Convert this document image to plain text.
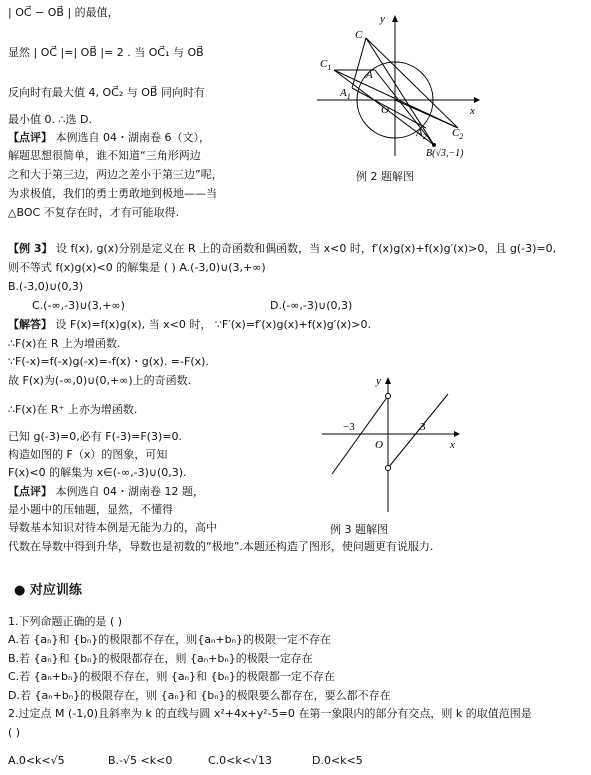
| OC⃗ − OB⃗ | 的最值，
显然 | OC⃗ |=| OB⃗ |= 2 . 当 OC⃗₁ 与 OB⃗
反向时有最大值 4, OC⃗₂ 与 OB⃗ 同向时有
最小值 0. ∴选 D.
【点评】 本例选自 04・湖南卷 6（文），
解题思想很简单，谁不知道“三角形两边
之和大于第三边，两边之差小于第三边”呢，
为求极值，我们的勇士勇敢地到极地——当
△BOC 不复存在时，才有可能取得.
y
x
O
C
$C_1$
A
$A_1$
$A_2$ $C_2$
B(√3,−1)
例 2 题解图
【例 3】 设 f(x), g(x)分别是定义在 R 上的奇函数和偶函数，当 x<0 时，f′(x)g(x)+f(x)g′(x)>0，且 g(-3)=0,
则不等式 f(x)g(x)<0 的解集是 ( ) A.(-3,0)∪(3,+∞)
B.(-3,0)∪(0,3)
C.(-∞,-3)∪(3,+∞)	D.(-∞,-3)∪(0,3)
【解答】 设 F(x)=f(x)g(x), 当 x<0 时， ∵F′(x)=f′(x)g(x)+f(x)g′(x)>0.
∴F(x)在 R 上为增函数.
∵F(-x)=f(-x)g(-x)=-f(x)・g(x). =-F(x).
故 F(x)为(-∞,0)∪(0,+∞)上的奇函数.
∴F(x)在 R⁺ 上亦为增函数.
已知 g(-3)=0,必有 F(-3)=F(3)=0.
构造如图的 F（x）的图象，可知
F(x)<0 的解集为 x∈(-∞,-3)∪(0,3).
【点评】 本例选自 04・湖南卷 12 题，
是小题中的压轴题，显然，不懂得
导数基本知识对待本例是无能为力的，高中
代数在导数中得到升华，导数也是初数的“极地”.本题还构造了图形，使问题更有说服力.
y
x
O
−3	3
例 3 题解图
● 对应训练
1.下列命题正确的是 ( )
A.若 {aₙ}和 {bₙ}的极限都不存在，则{aₙ+bₙ}的极限一定不存在
B.若 {aₙ}和 {bₙ}的极限都存在，则 {aₙ+bₙ}的极限一定存在
C.若 {aₙ+bₙ}的极限不存在，则 {aₙ}和 {bₙ}的极限都一定不存在
D.若 {aₙ+bₙ}的极限存在，则 {aₙ}和 {bₙ}的极限要么都存在，要么都不存在
2.过定点 M (-1,0)且斜率为 k 的直线与圆 x²+4x+y²-5=0 在第一象限内的部分有交点，则 k 的取值范围是
( )
A.0<k<√5	B.-√5 <k<0	C.0<k<√13	D.0<k<5
